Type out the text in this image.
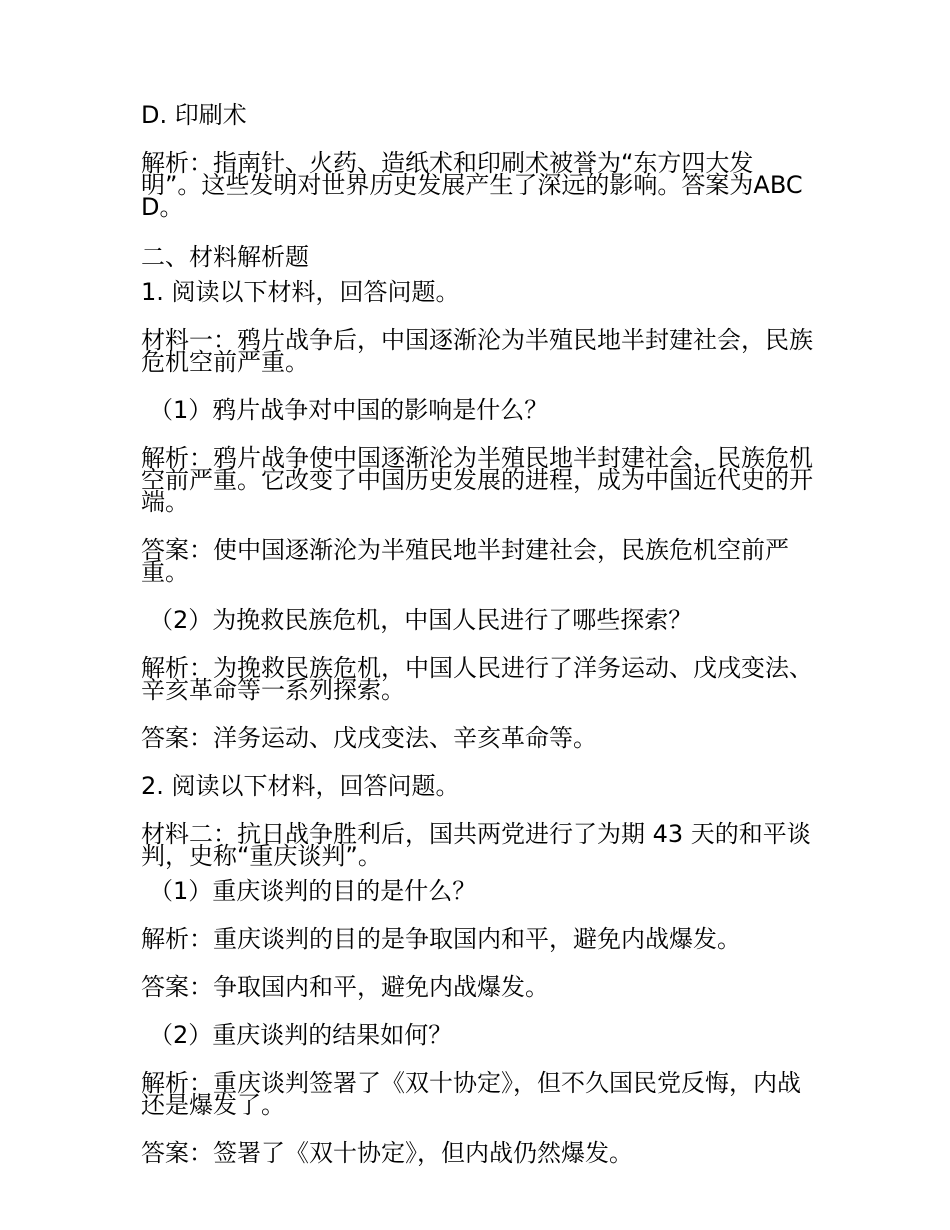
D. 印刷术

解析：指南针、火药、造纸术和印刷术被誉为“东方四大发明”。这些发明对世界历史发展产生了深远的影响。答案为ABCD。

二、材料解析题

1. 阅读以下材料，回答问题。

材料一：鸦片战争后，中国逐渐沦为半殖民地半封建社会，民族危机空前严重。

（1）鸦片战争对中国的影响是什么？

解析：鸦片战争使中国逐渐沦为半殖民地半封建社会，民族危机空前严重。它改变了中国历史发展的进程，成为中国近代史的开端。

答案：使中国逐渐沦为半殖民地半封建社会，民族危机空前严重。

（2）为挽救民族危机，中国人民进行了哪些探索？

解析：为挽救民族危机，中国人民进行了洋务运动、戊戌变法、辛亥革命等一系列探索。

答案：洋务运动、戊戌变法、辛亥革命等。

2. 阅读以下材料，回答问题。

材料二：抗日战争胜利后，国共两党进行了为期 43 天的和平谈判，史称“重庆谈判”。

（1）重庆谈判的目的是什么？

解析：重庆谈判的目的是争取国内和平，避免内战爆发。

答案：争取国内和平，避免内战爆发。

（2）重庆谈判的结果如何？

解析：重庆谈判签署了《双十协定》，但不久国民党反悔，内战还是爆发了。

答案：签署了《双十协定》，但内战仍然爆发。
